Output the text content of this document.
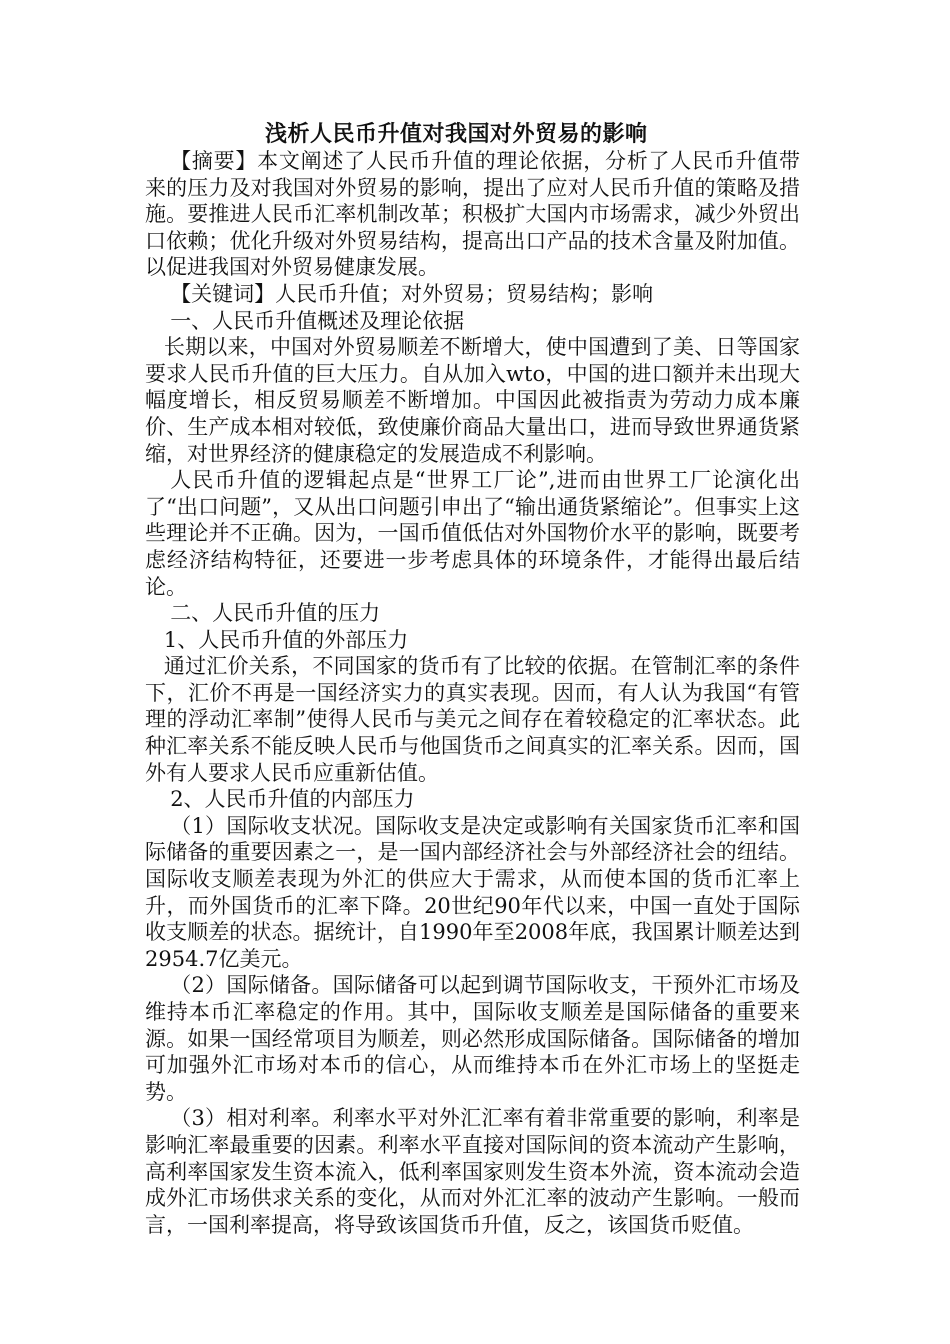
浅析人民币升值对我国对外贸易的影响

【摘要】本文阐述了人民币升值的理论依据，分析了人民币升值带来的压力及对我国对外贸易的影响，提出了应对人民币升值的策略及措施。要推进人民币汇率机制改革；积极扩大国内市场需求，减少外贸出口依赖；优化升级对外贸易结构，提高出口产品的技术含量及附加值。以促进我国对外贸易健康发展。

【关键词】人民币升值；对外贸易；贸易结构；影响

一、人民币升值概述及理论依据

长期以来，中国对外贸易顺差不断增大，使中国遭到了美、日等国家要求人民币升值的巨大压力。自从加入wto，中国的进口额并未出现大幅度增长，相反贸易顺差不断增加。中国因此被指责为劳动力成本廉价、生产成本相对较低，致使廉价商品大量出口，进而导致世界通货紧缩，对世界经济的健康稳定的发展造成不利影响。

人民币升值的逻辑起点是“世界工厂论”,进而由世界工厂论演化出了“出口问题”，又从出口问题引申出了“输出通货紧缩论”。但事实上这些理论并不正确。因为，一国币值低估对外国物价水平的影响，既要考虑经济结构特征，还要进一步考虑具体的环境条件，才能得出最后结论。

二、人民币升值的压力

1、人民币升值的外部压力

通过汇价关系，不同国家的货币有了比较的依据。在管制汇率的条件下，汇价不再是一国经济实力的真实表现。因而，有人认为我国“有管理的浮动汇率制”使得人民币与美元之间存在着较稳定的汇率状态。此种汇率关系不能反映人民币与他国货币之间真实的汇率关系。因而，国外有人要求人民币应重新估值。

2、人民币升值的内部压力

（1）国际收支状况。国际收支是决定或影响有关国家货币汇率和国际储备的重要因素之一，是一国内部经济社会与外部经济社会的纽结。国际收支顺差表现为外汇的供应大于需求，从而使本国的货币汇率上升，而外国货币的汇率下降。20世纪90年代以来，中国一直处于国际收支顺差的状态。据统计，自1990年至2008年底，我国累计顺差达到2954.7亿美元。

（2）国际储备。国际储备可以起到调节国际收支，干预外汇市场及维持本币汇率稳定的作用。其中，国际收支顺差是国际储备的重要来源。如果一国经常项目为顺差，则必然形成国际储备。国际储备的增加可加强外汇市场对本币的信心，从而维持本币在外汇市场上的坚挺走势。

（3）相对利率。利率水平对外汇汇率有着非常重要的影响，利率是影响汇率最重要的因素。利率水平直接对国际间的资本流动产生影响，高利率国家发生资本流入，低利率国家则发生资本外流，资本流动会造成外汇市场供求关系的变化，从而对外汇汇率的波动产生影响。一般而言，一国利率提高，将导致该国货币升值，反之，该国货币贬值。
